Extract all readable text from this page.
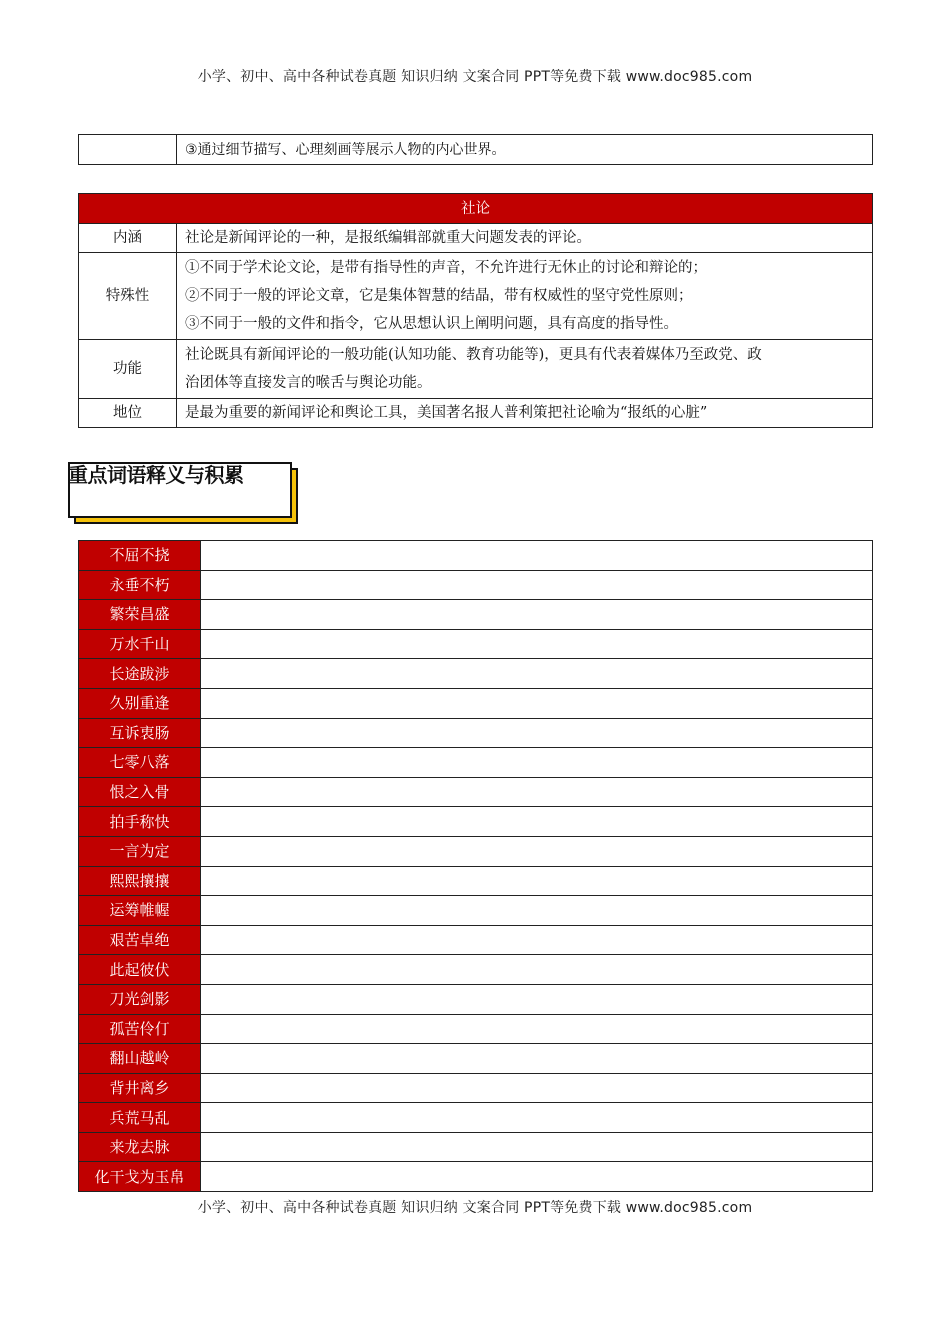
小学、初中、高中各种试卷真题 知识归纳 文案合同 PPT等免费下载 www.doc985.com
	③通过细节描写、心理刻画等展示人物的内心世界。
社论	
内涵	社论是新闻评论的一种，是报纸编辑部就重大问题发表的评论。

特殊性	①不同于学术论文论，是带有指导性的声音，不允许进行无休止的讨论和辩论的；
②不同于一般的评论文章，它是集体智慧的结晶，带有权威性的坚守党性原则；
③不同于一般的文件和指令，它从思想认识上阐明问题，具有高度的指导性。

功能	社论既具有新闻评论的一般功能(认知功能、教育功能等)，更具有代表着媒体乃至政党、政
治团体等直接发言的喉舌与舆论功能。

地位	是最为重要的新闻评论和舆论工具，美国著名报人普利策把社论喻为“报纸的心脏”
重点词语释义与积累
不屈不挠	
永垂不朽	
繁荣昌盛	
万水千山	
长途跋涉	
久别重逢	
互诉衷肠	
七零八落	
恨之入骨	
拍手称快	
一言为定	
熙熙攘攘	
运筹帷幄	
艰苦卓绝	
此起彼伏	
刀光剑影	
孤苦伶仃	
翻山越岭	
背井离乡	
兵荒马乱	
来龙去脉	
化干戈为玉帛	
小学、初中、高中各种试卷真题 知识归纳 文案合同 PPT等免费下载 www.doc985.com
